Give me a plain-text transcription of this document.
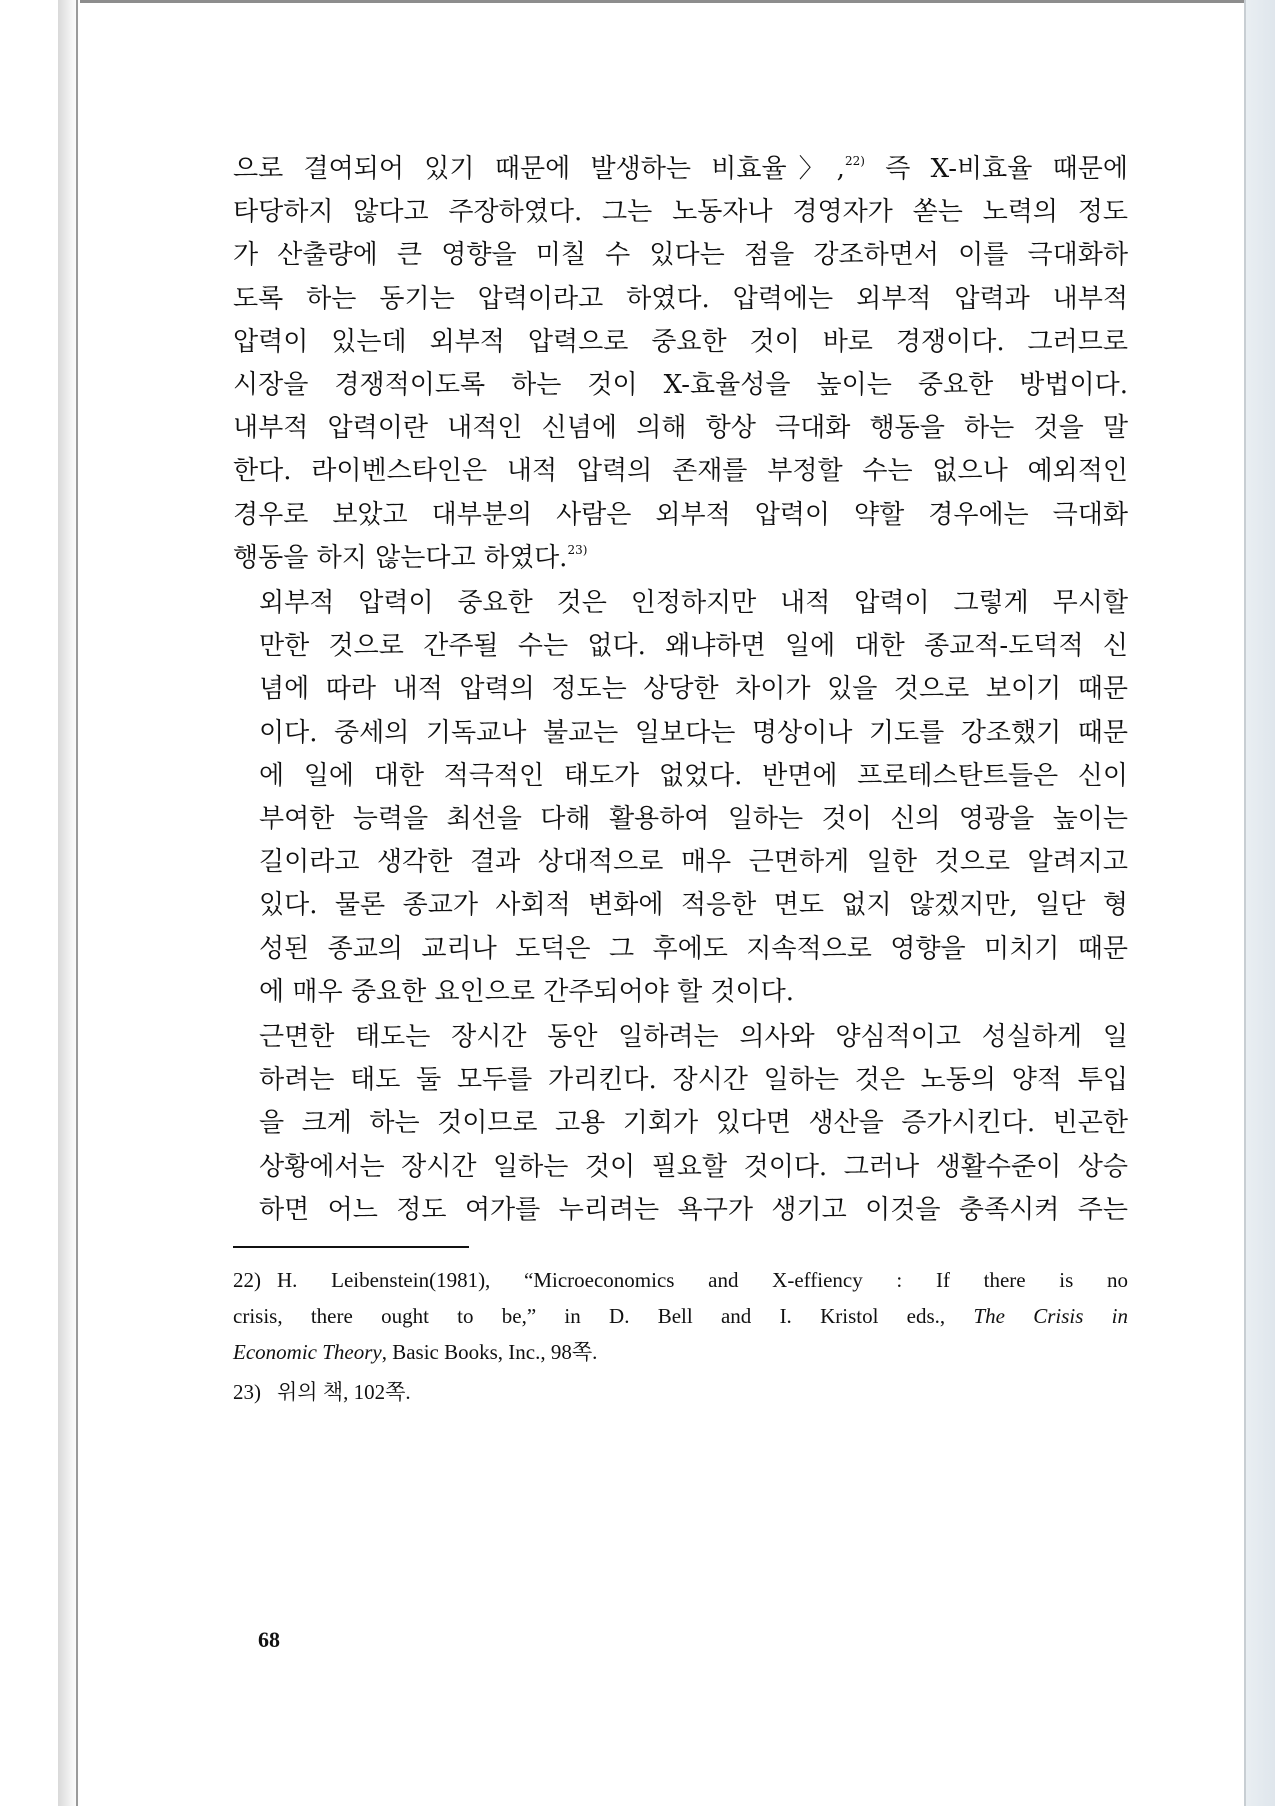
으로 결여되어 있기 때문에 발생하는 비효율〉,$^{22)}$ 즉 X-비효율 때문에
타당하지 않다고 주장하였다. 그는 노동자나 경영자가 쏟는 노력의 정도
가 산출량에 큰 영향을 미칠 수 있다는 점을 강조하면서 이를 극대화하
도록 하는 동기는 압력이라고 하였다. 압력에는 외부적 압력과 내부적
압력이 있는데 외부적 압력으로 중요한 것이 바로 경쟁이다. 그러므로
시장을 경쟁적이도록 하는 것이 X-효율성을 높이는 중요한 방법이다.
내부적 압력이란 내적인 신념에 의해 항상 극대화 행동을 하는 것을 말
한다. 라이벤스타인은 내적 압력의 존재를 부정할 수는 없으나 예외적인
경우로 보았고 대부분의 사람은 외부적 압력이 약할 경우에는 극대화
행동을 하지 않는다고 하였다.$^{23)}$

외부적 압력이 중요한 것은 인정하지만 내적 압력이 그렇게 무시할
만한 것으로 간주될 수는 없다. 왜냐하면 일에 대한 종교적-도덕적 신
념에 따라 내적 압력의 정도는 상당한 차이가 있을 것으로 보이기 때문
이다. 중세의 기독교나 불교는 일보다는 명상이나 기도를 강조했기 때문
에 일에 대한 적극적인 태도가 없었다. 반면에 프로테스탄트들은 신이
부여한 능력을 최선을 다해 활용하여 일하는 것이 신의 영광을 높이는
길이라고 생각한 결과 상대적으로 매우 근면하게 일한 것으로 알려지고
있다. 물론 종교가 사회적 변화에 적응한 면도 없지 않겠지만, 일단 형
성된 종교의 교리나 도덕은 그 후에도 지속적으로 영향을 미치기 때문
에 매우 중요한 요인으로 간주되어야 할 것이다.

근면한 태도는 장시간 동안 일하려는 의사와 양심적이고 성실하게 일
하려는 태도 둘 모두를 가리킨다. 장시간 일하는 것은 노동의 양적 투입
을 크게 하는 것이므로 고용 기회가 있다면 생산을 증가시킨다. 빈곤한
상황에서는 장시간 일하는 것이 필요할 것이다. 그러나 생활수준이 상승
하면 어느 정도 여가를 누리려는 욕구가 생기고 이것을 충족시켜 주는

22) H. Leibenstein(1981), “Microeconomics and X-effiency : If there is no
crisis, there ought to be,” in D. Bell and I. Kristol eds., The Crisis in
Economic Theory, Basic Books, Inc., 98쪽.

23) 위의 책, 102쪽.

68
